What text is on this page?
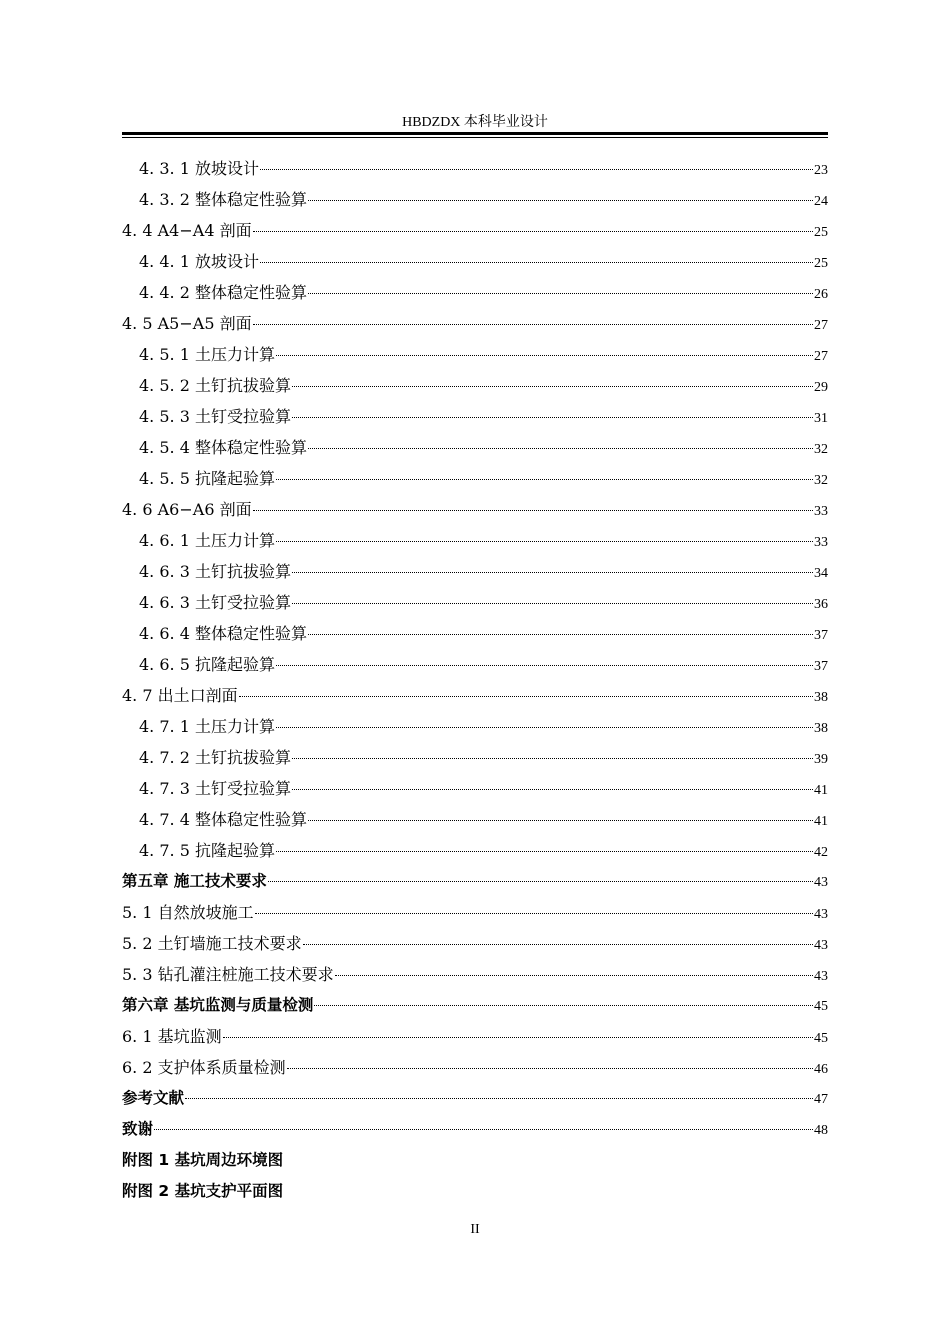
HBDZDX 本科毕业设计
4. 3. 1 放坡设计	23
4. 3. 2 整体稳定性验算	24
4. 4 A4−A4 剖面	25
4. 4. 1 放坡设计	25
4. 4. 2 整体稳定性验算	26
4. 5 A5−A5 剖面	27
4. 5. 1 土压力计算	27
4. 5. 2 土钉抗拔验算	29
4. 5. 3 土钉受拉验算	31
4. 5. 4 整体稳定性验算	32
4. 5. 5 抗隆起验算	32
4. 6 A6−A6 剖面	33
4. 6. 1 土压力计算	33
4. 6. 3 土钉抗拔验算	34
4. 6. 3 土钉受拉验算	36
4. 6. 4 整体稳定性验算	37
4. 6. 5 抗隆起验算	37
4. 7 出土口剖面	38
4. 7. 1 土压力计算	38
4. 7. 2 土钉抗拔验算	39
4. 7. 3 土钉受拉验算	41
4. 7. 4 整体稳定性验算	41
4. 7. 5 抗隆起验算	42
第五章 施工技术要求	43
5. 1 自然放坡施工	43
5. 2 土钉墙施工技术要求	43
5. 3 钻孔灌注桩施工技术要求	43
第六章 基坑监测与质量检测	45
6. 1 基坑监测	45
6. 2 支护体系质量检测	46
参考文献	47
致谢	48
附图 1 基坑周边环境图
附图 2 基坑支护平面图
II
